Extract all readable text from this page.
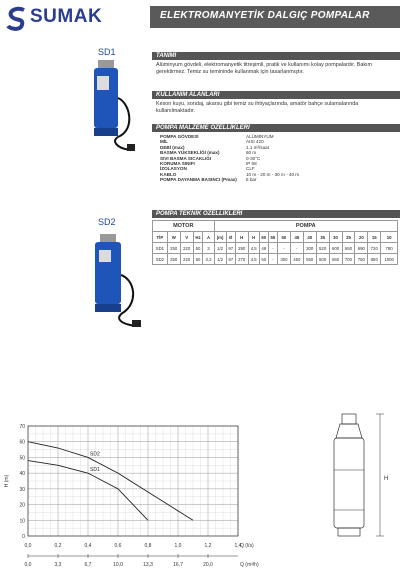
SUMAK	ELEKTROMANYETİK DALGIÇ POMPALAR
SD1
SD2
TANIMI
Alüminyum gövdeli, elektromanyetik titreşimli, pratik ve kullanımı kolay pompalardır. Bakım gerektirmez. Temiz su temininde kullanmak için tasarlanmıştır.
KULLANIM ALANLARI
Keson kuyu, sondaj, akarsu gibi temiz su ihtiyaçlarında, amatör bahçe sulamalarında kullanılmaktadır.
POMPA MALZEME ÖZELLİKLERİ
POMPA GÖVDESİ	ALÜMİNYUM
MİL	AISI 420
DEBİ (max)	1,1 m³/saat
BASMA YÜKSEKLİĞİ (max)	60 m
SIVI BASMA SICAKLIĞI	0-30°C
KORUMA SINIFI	IP 68
İZOLASYON	CLF
KABLO	10 m - 20 m - 30 m - 40 m
POMPA DAYANMA BASINCI (Pmax) 6 bar
POMPA TEKNİK ÖZELLİKLERİ
MOTOR					POMPA														
TİP	W	V	Hz	A	(m)	Ø	H	H	60	55	50	45	40	35	30	25	20	15	10
SD1	250	220	50	3	1/2	97	290	4,5	48	-	-	-	300	520	600	650	690	720	780
SD2	250	220	50	3,2	1/2	97	270	4,5	60	-	300	450	550	600	650	700	750	850	1000
0
10
20
30
40
50
60
70
0,0	0,2	0,4	0,6	0,8	1,0	1,2	1,4
0,0	3,3	6,7	10,0	13,3	16,7	20,0
H (m)
Q (l/s)
Q (m³/h)
SD2
SD1
H
